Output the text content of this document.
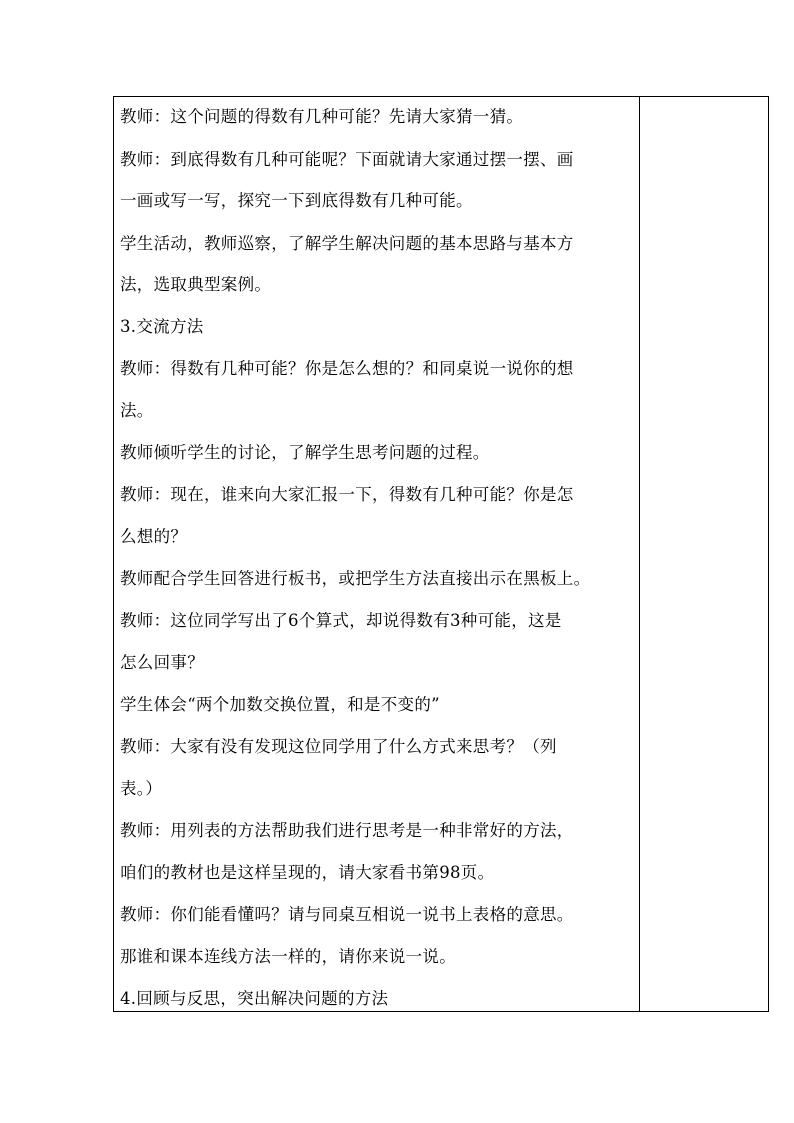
教师：这个问题的得数有几种可能？先请大家猜一猜。
教师：到底得数有几种可能呢？下面就请大家通过摆一摆、画
一画或写一写，探究一下到底得数有几种可能。
学生活动，教师巡察，了解学生解决问题的基本思路与基本方
法，选取典型案例。
3.交流方法
教师：得数有几种可能？你是怎么想的？和同桌说一说你的想
法。
教师倾听学生的讨论，了解学生思考问题的过程。
教师：现在，谁来向大家汇报一下，得数有几种可能？你是怎
么想的？
教师配合学生回答进行板书，或把学生方法直接出示在黑板上。
教师：这位同学写出了6个算式，却说得数有3种可能，这是
怎么回事？
学生体会“两个加数交换位置，和是不变的”
教师：大家有没有发现这位同学用了什么方式来思考？（列
表。）
教师：用列表的方法帮助我们进行思考是一种非常好的方法，
咱们的教材也是这样呈现的，请大家看书第98页。
教师：你们能看懂吗？请与同桌互相说一说书上表格的意思。
那谁和课本连线方法一样的，请你来说一说。
4.回顾与反思，突出解决问题的方法
